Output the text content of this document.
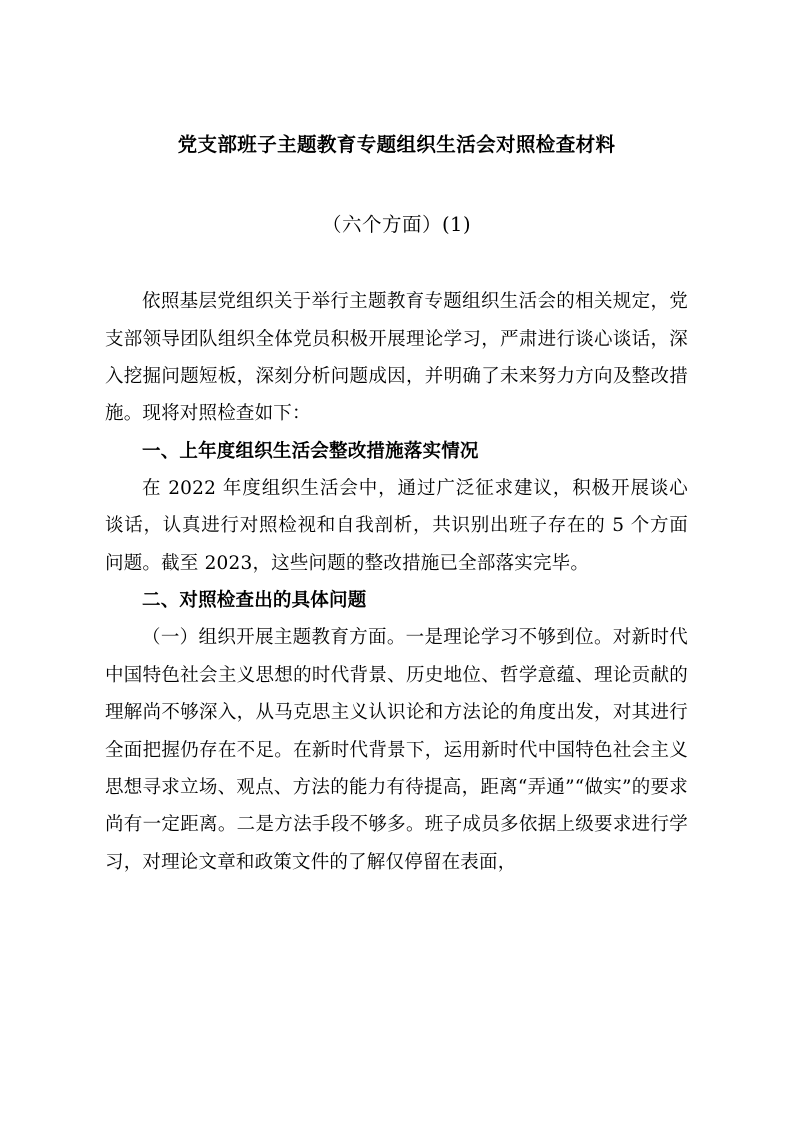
党支部班子主题教育专题组织生活会对照检查材料
（六个方面）(1)

依照基层党组织关于举行主题教育专题组织生活会的相关规定，党支部领导团队组织全体党员积极开展理论学习，严肃进行谈心谈话，深入挖掘问题短板，深刻分析问题成因，并明确了未来努力方向及整改措施。现将对照检查如下：

一、上年度组织生活会整改措施落实情况

在 2022 年度组织生活会中，通过广泛征求建议，积极开展谈心谈话，认真进行对照检视和自我剖析，共识别出班子存在的 5 个方面问题。截至 2023，这些问题的整改措施已全部落实完毕。

二、对照检查出的具体问题

（一）组织开展主题教育方面。一是理论学习不够到位。对新时代中国特色社会主义思想的时代背景、历史地位、哲学意蕴、理论贡献的理解尚不够深入，从马克思主义认识论和方法论的角度出发，对其进行全面把握仍存在不足。在新时代背景下，运用新时代中国特色社会主义思想寻求立场、观点、方法的能力有待提高，距离“弄通”“做实”的要求尚有一定距离。二是方法手段不够多。班子成员多依据上级要求进行学习，对理论文章和政策文件的了解仅停留在表面，
